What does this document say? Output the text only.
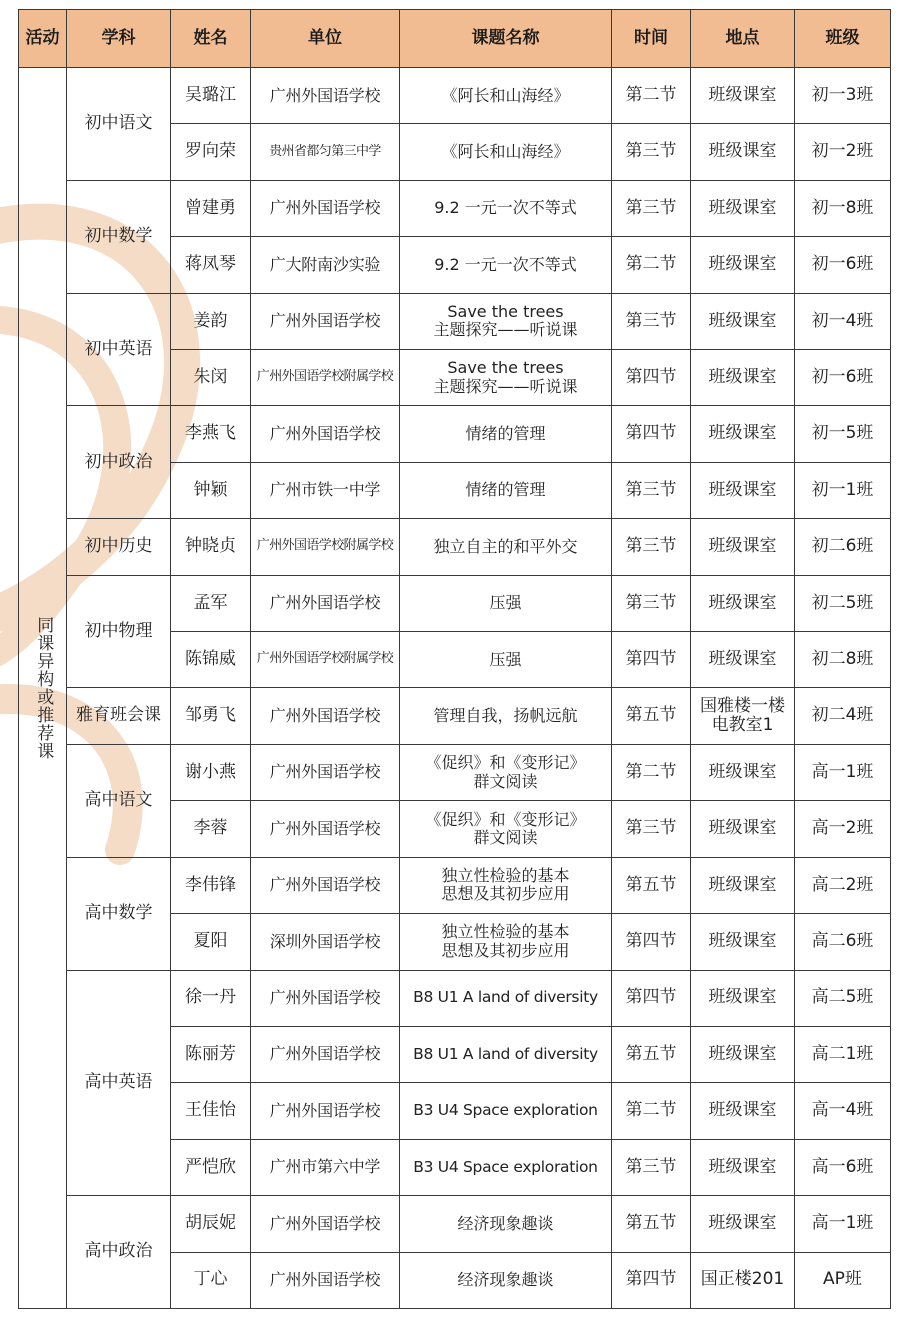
活动	学科	姓名	单位	课题名称	时间	地点	班级
同课异构或推荐课	初中语文	吴璐江	广州外国语学校	《阿长和山海经》	第二节	班级课室	初一3班
		罗向荣	贵州省都匀第三中学	《阿长和山海经》	第三节	班级课室	初一2班
	初中数学	曾建勇	广州外国语学校	9.2 一元一次不等式	第三节	班级课室	初一8班
		蒋凤琴	广大附南沙实验	9.2 一元一次不等式	第二节	班级课室	初一6班
	初中英语	姜韵	广州外国语学校	Save the trees
主题探究——听说课	第三节	班级课室	初一4班
		朱闵	广州外国语学校附属学校	Save the trees
主题探究——听说课	第四节	班级课室	初一6班
	初中政治	李燕飞	广州外国语学校	情绪的管理	第四节	班级课室	初一5班
		钟颖	广州市铁一中学	情绪的管理	第三节	班级课室	初一1班
	初中历史	钟晓贞	广州外国语学校附属学校	独立自主的和平外交	第三节	班级课室	初二6班
	初中物理	孟军	广州外国语学校	压强	第三节	班级课室	初二5班
		陈锦威	广州外国语学校附属学校	压强	第四节	班级课室	初二8班
	雅育班会课	邹勇飞	广州外国语学校	管理自我，扬帆远航	第五节	国雅楼一楼
电教室1	初二4班
	高中语文	谢小燕	广州外国语学校	《促织》和《变形记》
群文阅读	第二节	班级课室	高一1班
		李蓉	广州外国语学校	《促织》和《变形记》
群文阅读	第三节	班级课室	高一2班
	高中数学	李伟锋	广州外国语学校	独立性检验的基本
思想及其初步应用	第五节	班级课室	高二2班
		夏阳	深圳外国语学校	独立性检验的基本
思想及其初步应用	第四节	班级课室	高二6班
	高中英语	徐一丹	广州外国语学校	B8 U1 A land of diversity	第四节	班级课室	高二5班
		陈丽芳	广州外国语学校	B8 U1 A land of diversity	第五节	班级课室	高二1班
		王佳怡	广州外国语学校	B3 U4 Space exploration	第二节	班级课室	高一4班
		严恺欣	广州市第六中学	B3 U4 Space exploration	第三节	班级课室	高一6班
	高中政治	胡辰妮	广州外国语学校	经济现象趣谈	第五节	班级课室	高一1班
		丁心	广州外国语学校	经济现象趣谈	第四节	国正楼201	AP班
